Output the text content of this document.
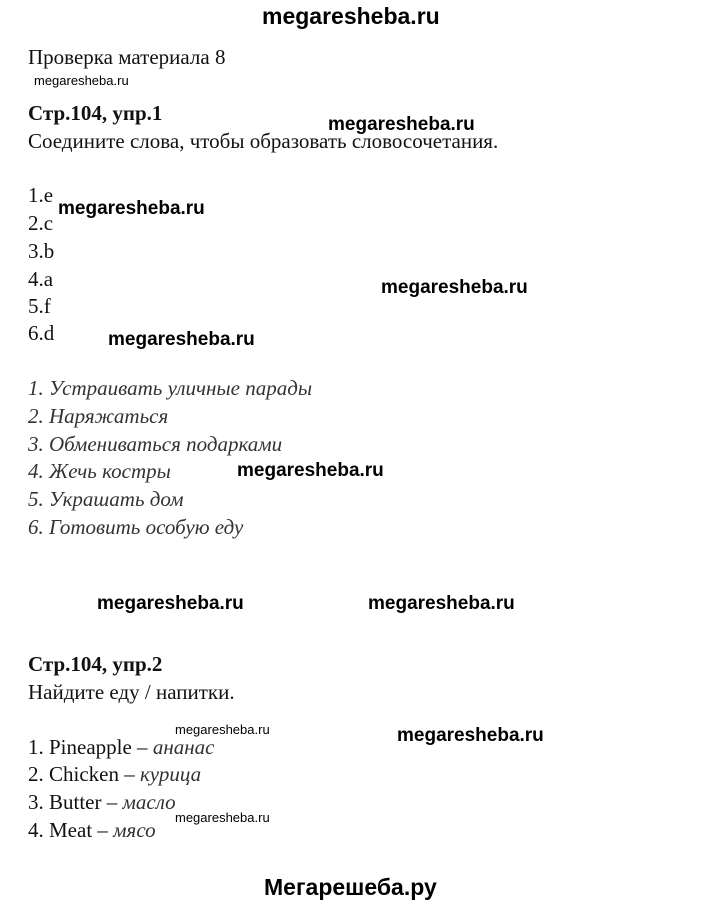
megaresheba.ru
Проверка материала 8
megaresheba.ru
Стр.104, упр.1	megaresheba.ru
Соедините слова, чтобы образовать словосочетания.
1.e
megaresheba.ru
2.c
3.b
4.a	megaresheba.ru
5.f
6.d	megaresheba.ru
1. Устраивать уличные парады
2. Наряжаться
3. Обмениваться подарками
4. Жечь костры	megaresheba.ru
5. Украшать дом
6. Готовить особую еду
megaresheba.ru	megaresheba.ru
Стр.104, упр.2
Найдите еду / напитки.
megaresheba.ru	megaresheba.ru
1. Pineapple – ананас
2. Chicken – курица
3. Butter – масло
megaresheba.ru
4. Meat – мясо
Мегарешеба.ру
